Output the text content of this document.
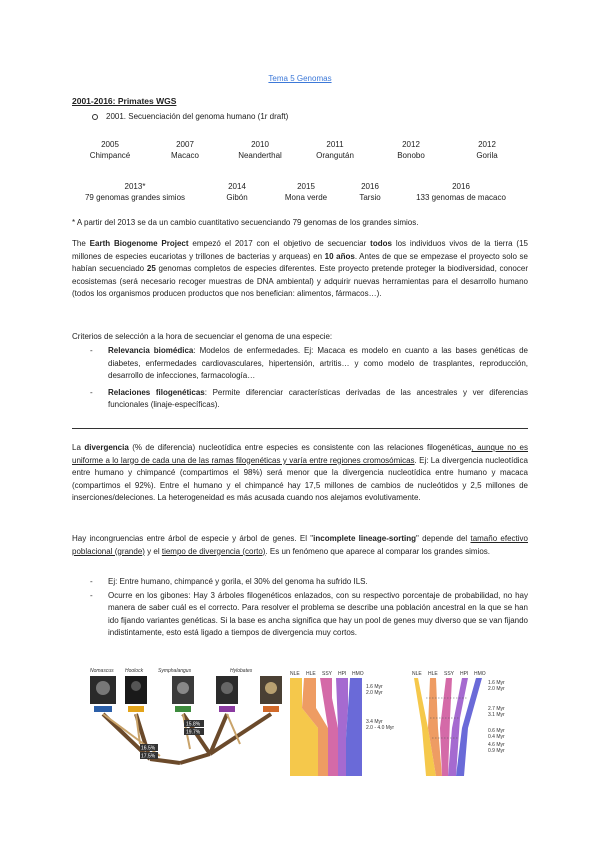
Tema 5 Genomas
2001-2016: Primates WGS
2001. Secuenciación del genoma humano (1r draft)
2005
Chimpancé
2007
Macaco
2010
Neanderthal
2011
Orangután
2012
Bonobo
2012
Gorila
2013*
79 genomas grandes simios
2014
Gibón
2015
Mona verde
2016
Tarsio
2016
133 genomas de macaco
* A partir del 2013 se da un cambio cuantitativo secuenciando 79 genomas de los grandes simios.
The Earth Biogenome Project empezó el 2017 con el objetivo de secuenciar todos los individuos vivos de la tierra (15 millones de especies eucariotas y trillones de bacterias y arqueas) en 10 años. Antes de que se empezase el proyecto solo se habían secuenciado 25 genomas completos de especies diferentes. Este proyecto pretende proteger la biodiversidad, conocer ecosistemas (será necesario recoger muestras de DNA ambiental) y adquirir nuevas herramientas para el desarrollo humano (todos los organismos producen productos que nos benefician: alimentos, fármacos…).
Criterios de selección a la hora de secuenciar el genoma de una especie:
- Relevancia biomédica: Modelos de enfermedades. Ej: Macaca es modelo en cuanto a las bases genéticas de diabetes, enfermedades cardiovasculares, hipertensión, artritis… y como modelo de trasplantes, reproducción, desarrollo de infecciones, farmacología…
- Relaciones filogenéticas: Permite diferenciar características derivadas de las ancestrales y ver diferencias funcionales (linaje-específicas).
La divergencia (% de diferencia) nucleotídica entre especies es consistente con las relaciones filogenéticas, aunque no es uniforme a lo largo de cada una de las ramas filogenéticas y varía entre regiones cromosómicas. Ej: La divergencia nucleotídica entre humano y chimpancé (compartimos el 98%) será menor que la divergencia nucleotídica entre humano y macaca (compartimos el 92%). Entre el humano y el chimpancé hay 17,5 millones de cambios de nucleótidos y 2,5 millones de inserciones/deleciones. La heterogeneidad es más acusada cuando nos alejamos evolutivamente.
Hay incongruencias entre árbol de especie y árbol de genes. El "incomplete lineage-sorting" depende del tamaño efectivo poblacional (grande) y el tiempo de divergencia (corto). Es un fenómeno que aparece al comparar los grandes simios.
- Ej: Entre humano, chimpancé y gorila, el 30% del genoma ha sufrido ILS.
- Ocurre en los gibones: Hay 3 árboles filogenéticos enlazados, con su respectivo porcentaje de probabilidad, no hay manera de saber cuál es el correcto. Para resolver el problema se describe una población ancestral en la que se han ido fijando variantes genéticas. Si la base es ancha significa que hay un pool de genes muy diverso que se van fijando indistintamente, esto está ligado a tiempos de divergencia muy cortos.
Nomascus Hoolock	Symphalangus	Hylobates
15.8%
19.7%
16.5%
17.5%
NLE HLE SSY HPI HMO
1.6 Myr
2.0 Myr
3.4 Myr
2.0 - 4.0 Myr
NLE HLE SSY HPI HMO
1.6 Myr
2.0 Myr
2.7 Myr
3.1 Myr
0.6 Myr
0.4 Myr
4.6 Myr
0.9 Myr
